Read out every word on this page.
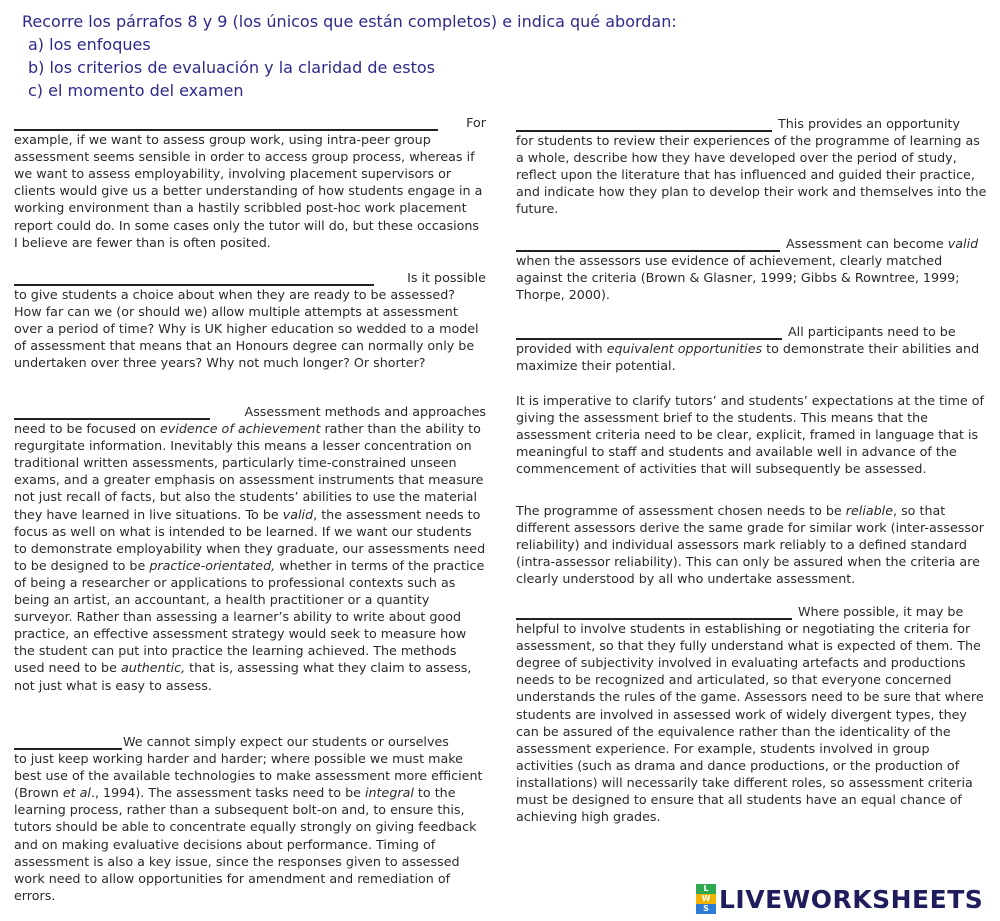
Recorre los párrafos 8 y 9 (los únicos que están completos) e indica qué abordan:

a) los enfoques

b) los criterios de evaluación y la claridad de estos

c) el momento del examen

For

example, if we want to assess group work, using intra-peer group assessment seems sensible in order to access group process, whereas if we want to assess employability, involving placement supervisors or clients would give us a better understanding of how students engage in a working environment than a hastily scribbled post-hoc work placement report could do. In some cases only the tutor will do, but these occasions I believe are fewer than is often posited.

Is it possible

to give students a choice about when they are ready to be assessed? How far can we (or should we) allow multiple attempts at assessment over a period of time? Why is UK higher education so wedded to a model of assessment that means that an Honours degree can normally only be undertaken over three years? Why not much longer? Or shorter?

Assessment methods and approaches

need to be focused on evidence of achievement rather than the ability to regurgitate information. Inevitably this means a lesser concentration on traditional written assessments, particularly time-constrained unseen exams, and a greater emphasis on assessment instruments that measure not just recall of facts, but also the students’ abilities to use the material they have learned in live situations. To be valid, the assessment needs to focus as well on what is intended to be learned. If we want our students to demonstrate employability when they graduate, our assessments need to be designed to be practice-orientated, whether in terms of the practice of being a researcher or applications to professional contexts such as being an artist, an accountant, a health practitioner or a quantity surveyor. Rather than assessing a learner’s ability to write about good practice, an effective assessment strategy would seek to measure how the student can put into practice the learning achieved. The methods used need to be authentic, that is, assessing what they claim to assess, not just what is easy to assess.

We cannot simply expect our students or ourselves

to just keep working harder and harder; where possible we must make best use of the available technologies to make assessment more efficient (Brown et al., 1994). The assessment tasks need to be integral to the learning process, rather than a subsequent bolt-on and, to ensure this, tutors should be able to concentrate equally strongly on giving feedback and on making evaluative decisions about performance. Timing of assessment is also a key issue, since the responses given to assessed work need to allow opportunities for amendment and remediation of errors.

This provides an opportunity

for students to review their experiences of the programme of learning as a whole, describe how they have developed over the period of study, reflect upon the literature that has influenced and guided their practice, and indicate how they plan to develop their work and themselves into the future.

Assessment can become valid

when the assessors use evidence of achievement, clearly matched against the criteria (Brown & Glasner, 1999; Gibbs & Rowntree, 1999; Thorpe, 2000).

All participants need to be

provided with equivalent opportunities to demonstrate their abilities and maximize their potential.

It is imperative to clarify tutors’ and students’ expectations at the time of giving the assessment brief to the students. This means that the assessment criteria need to be clear, explicit, framed in language that is meaningful to staff and students and available well in advance of the commencement of activities that will subsequently be assessed.

The programme of assessment chosen needs to be reliable, so that different assessors derive the same grade for similar work (inter-assessor reliability) and individual assessors mark reliably to a defined standard (intra-assessor reliability). This can only be assured when the criteria are clearly understood by all who undertake assessment.

Where possible, it may be

helpful to involve students in establishing or negotiating the criteria for assessment, so that they fully understand what is expected of them. The degree of subjectivity involved in evaluating artefacts and productions needs to be recognized and articulated, so that everyone concerned understands the rules of the game. Assessors need to be sure that where students are involved in assessed work of widely divergent types, they can be assured of the equivalence rather than the identicality of the assessment experience. For example, students involved in group activities (such as drama and dance productions, or the production of installations) will necessarily take different roles, so assessment criteria must be designed to ensure that all students have an equal chance of achieving high grades.

L
W
S LIVEWORKSHEETS
